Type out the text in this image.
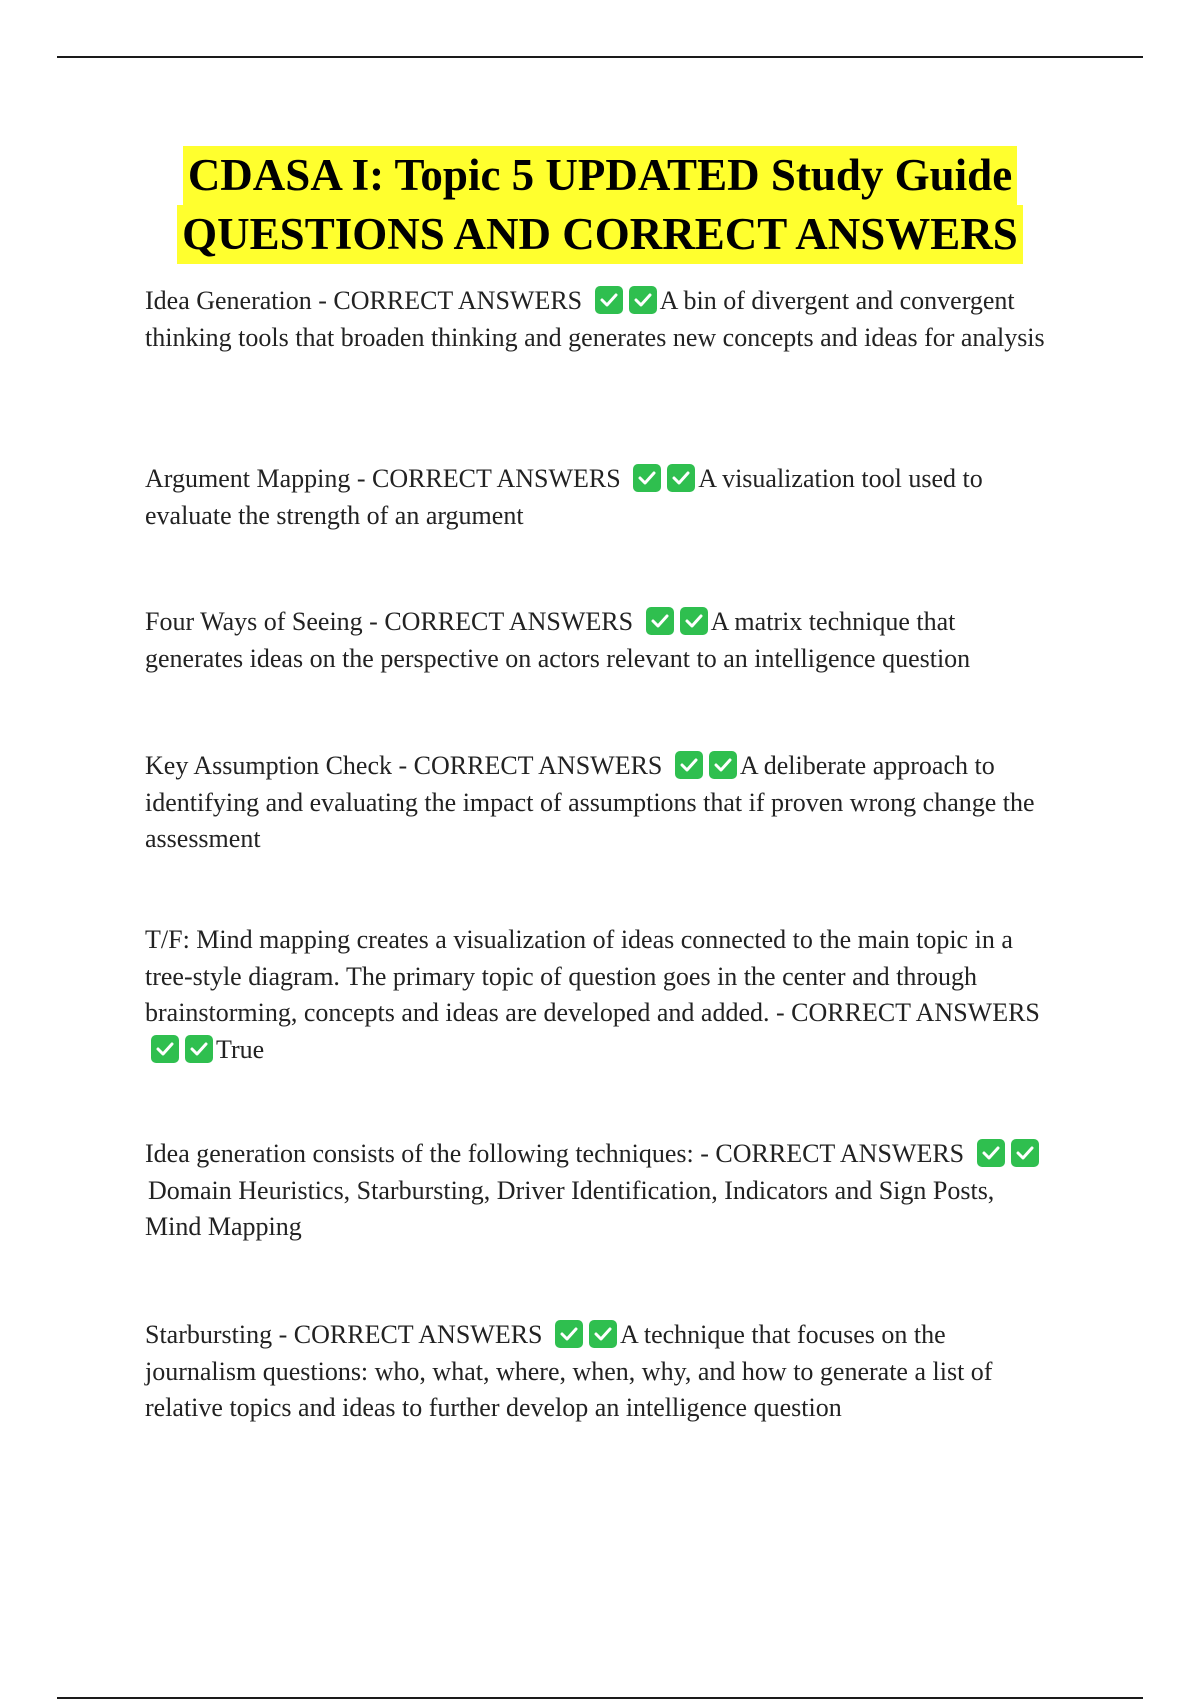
CDASA I: Topic 5 UPDATED Study Guide
QUESTIONS AND CORRECT ANSWERS
Idea Generation - CORRECT ANSWERS	A bin of divergent and convergent thinking tools that broaden thinking and generates new concepts and ideas for analysis
Argument Mapping - CORRECT ANSWERS	A visualization tool used to evaluate the strength of an argument
Four Ways of Seeing - CORRECT ANSWERS	A matrix technique that generates ideas on the perspective on actors relevant to an intelligence question
Key Assumption Check - CORRECT ANSWERS	A deliberate approach to identifying and evaluating the impact of assumptions that if proven wrong change the assessment
T/F: Mind mapping creates a visualization of ideas connected to the main topic in a tree-style diagram. The primary topic of question goes in the center and through brainstorming, concepts and ideas are developed and added. - CORRECT ANSWERS
True
Idea generation consists of the following techniques: - CORRECT ANSWERS
Domain Heuristics, Starbursting, Driver Identification, Indicators and Sign Posts, Mind Mapping
Starbursting - CORRECT ANSWERS	A technique that focuses on the journalism questions: who, what, where, when, why, and how to generate a list of relative topics and ideas to further develop an intelligence question
